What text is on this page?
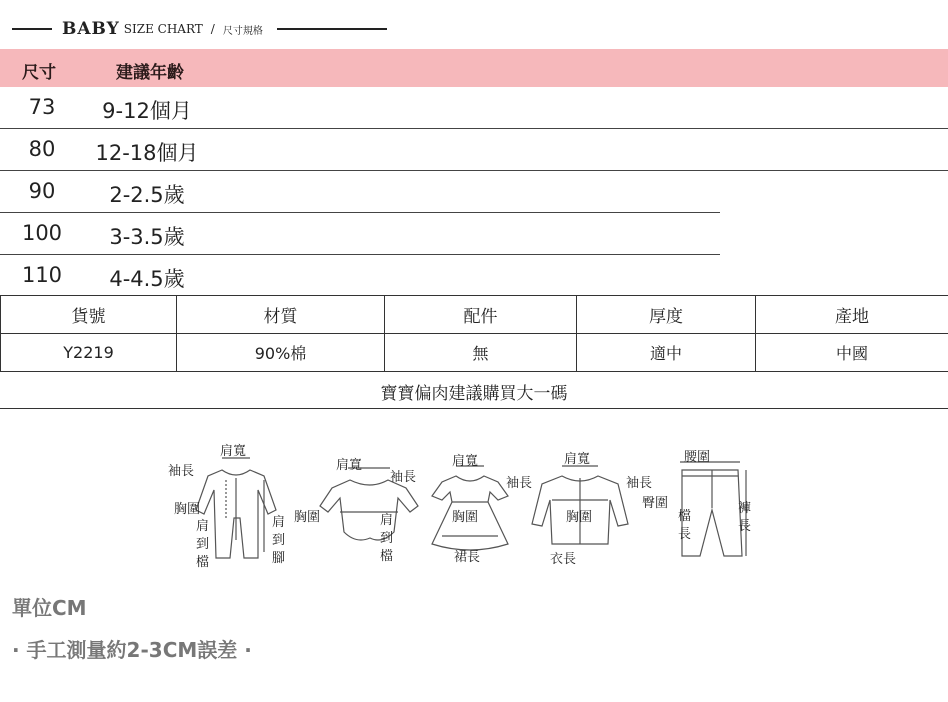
BABY SIZE CHART / 尺寸規格
尺寸	建議年齡
73	9-12個月
80	12-18個月
90	2-2.5歲
100	3-3.5歲
110	4-4.5歲
貨號	材質	配件	厚度	產地
Y2219	90%棉	無	適中	中國
寶寶偏肉建議購買大一碼
肩寬
袖長
胸圍
肩到檔
肩到腳
肩寬
袖長
胸圍	肩到檔
肩寬
胸圍
裙長
袖長
肩寬
胸圍
衣長
袖長
腰圍
臀圍
檔長
褲長
單位CM
· 手工測量約2-3CM誤差 ·
